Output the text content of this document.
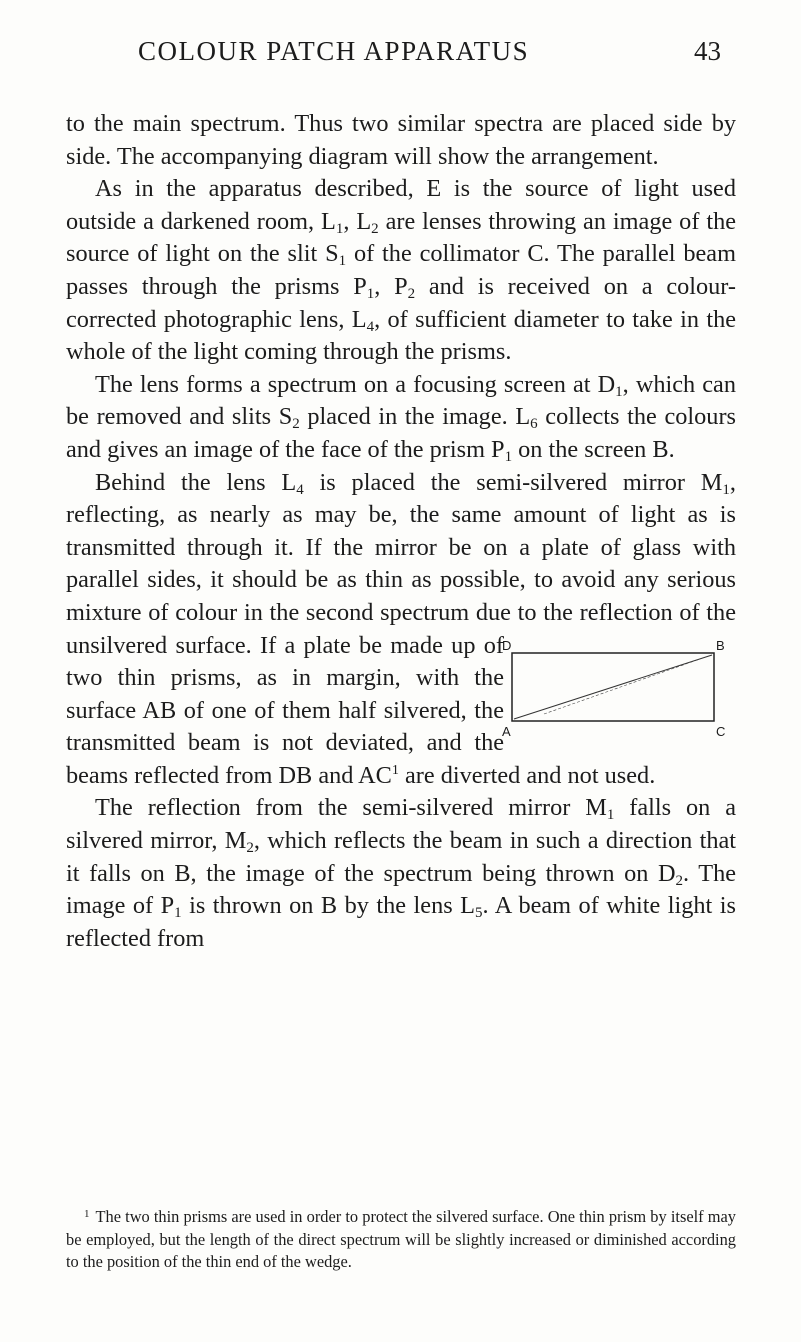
COLOUR PATCH APPARATUS	43

to the main spectrum. Thus two similar spectra are placed side by side. The accompanying diagram will show the arrangement.

As in the apparatus described, E is the source of light used outside a darkened room, $L_1$, $L_2$ are lenses throwing an image of the source of light on the slit $S_1$ of the collimator C. The parallel beam passes through the prisms $P_1$, $P_2$ and is received on a colour-corrected photographic lens, $L_4$, of sufficient diameter to take in the whole of the light coming through the prisms.

The lens forms a spectrum on a focusing screen at $D_1$, which can be removed and slits $S_2$ placed in the image. $L_6$ collects the colours and gives an image of the face of the prism $P_1$ on the screen B.

Behind the lens $L_4$ is placed the semi-silvered mirror $M_1$, reflecting, as nearly as may be, the same amount of light as is transmitted through it. If the mirror be on a plate of glass with parallel sides, it should be as thin as possible, to avoid any serious mixture of colour in the second spectrum due to the reflection of the unsilvered surface.
If a plate be made up of two thin prisms, as in margin, with the surface AB of one of them half silvered, the transmitted beam is not deviated, and the beams reflected from DB and $AC^1$ are diverted and not used.

The reflection from the semi-silvered mirror $M_1$ falls on a silvered mirror, $M_2$, which reflects the beam in such a direction that it falls on B, the image of the spectrum being thrown on $D_2$. The image of $P_1$ is thrown on B by the lens $L_5$. A beam of white light is reflected from

D	B
A	C
$^1$ The two thin prisms are used in order to protect the silvered surface. One thin prism by itself may be employed, but the length of the direct spectrum will be slightly increased or diminished according to the position of the thin end of the wedge.
